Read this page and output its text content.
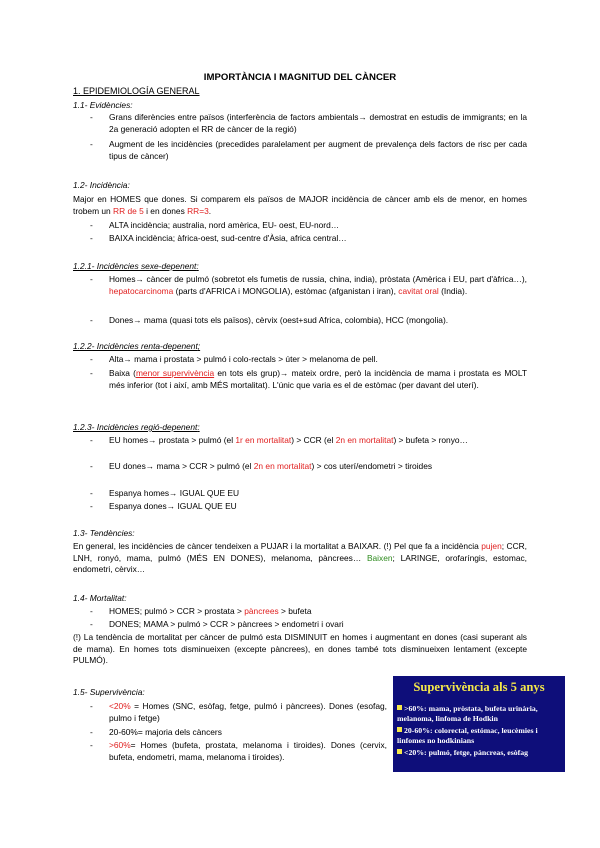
IMPORTÀNCIA I MAGNITUD DEL CÀNCER
1. EPIDEMIOLOGÍA GENERAL
1.1- Evidències:
-	Grans diferències entre països (interferència de factors ambientals→ demostrat en estudis de immigrants; en la 2a generació adopten el RR de càncer de la regió)
-	Augment de les incidències (precedides paralelament per augment de prevalença dels factors de risc per cada tipus de càncer)
1.2- Incidència:
Major en HOMES que dones. Si comparem els països de MAJOR incidència de càncer amb els de menor, en homes trobem un RR de 5 i en dones RR=3.
-	ALTA incidència; australia, nord amèrica, EU- oest, EU-nord…
-	BAIXA incidència; àfrica-oest, sud-centre d'Àsia, africa central…
1.2.1- Incidències sexe-depenent:
-	Homes→ càncer de pulmó (sobretot els fumetis de russia, china, india), pròstata (Amèrica i EU, part d'àfrica…), hepatocarcinoma (parts d'AFRICA i MONGOLIA), estòmac (afganistan i iran), cavitat oral (India).
-	Dones→ mama (quasi tots els països), cèrvix (oest+sud Africa, colombia), HCC (mongolia).
1.2.2- Incidències renta-depenent;
-	Alta→ mama i prostata > pulmó i colo-rectals > úter > melanoma de pell.
-	Baixa (menor supervivència en tots els grup)→ mateix ordre, però la incidència de mama i prostata es MOLT més inferior (tot i així, amb MÉS mortalitat). L'únic que varia es el de estòmac (per davant del uterí).
1.2.3- Incidències regió-depenent:
-	EU homes→ prostata > pulmó (el 1r en mortalitat) > CCR (el 2n en mortalitat) > bufeta > ronyo…
-	EU dones→ mama > CCR > pulmó (el 2n en mortalitat) > cos uterí/endometri > tiroides
-	Espanya homes→ IGUAL QUE EU
-	Espanya dones→ IGUAL QUE EU
1.3- Tendències:
En general, les incidències de càncer tendeixen a PUJAR i la mortalitat a BAIXAR. (!) Pel que fa a incidència pujen; CCR, LNH, ronyó, mama, pulmó (MÉS EN DONES), melanoma, pàncrees… Baixen; LARINGE, orofaríngis, estomac, endometri, cèrvix…
1.4- Mortalitat:
-	HOMES; pulmó > CCR > prostata > pàncrees > bufeta
-	DONES; MAMA > pulmó > CCR > pàncrees > endometri i ovari
(!) La tendència de mortalitat per càncer de pulmó esta DISMINUIT en homes i augmentant en dones (casi superant als de mama). En homes tots disminueixen (excepte pàncrees), en dones també tots disminueixen lentament (excepte PULMÓ).
1.5- Supervivència:
-	<20% = Homes (SNC, esòfag, fetge, pulmó i pàncrees). Dones (esofag, pulmo i fetge)
-	20-60%= majoria dels càncers
-	>60%= Homes (bufeta, prostata, melanoma i tiroides). Dones (cervix, bufeta, endometri, mama, melanoma i tiroides).
Supervivència als 5 anys
>60%: mama, pròstata, bufeta urinària, melanoma, linfoma de Hodkin
20-60%: colorectal, estómac, leucèmies i linfomes no hodkinians
<20%: pulmó, fetge, pàncreas, esòfag
